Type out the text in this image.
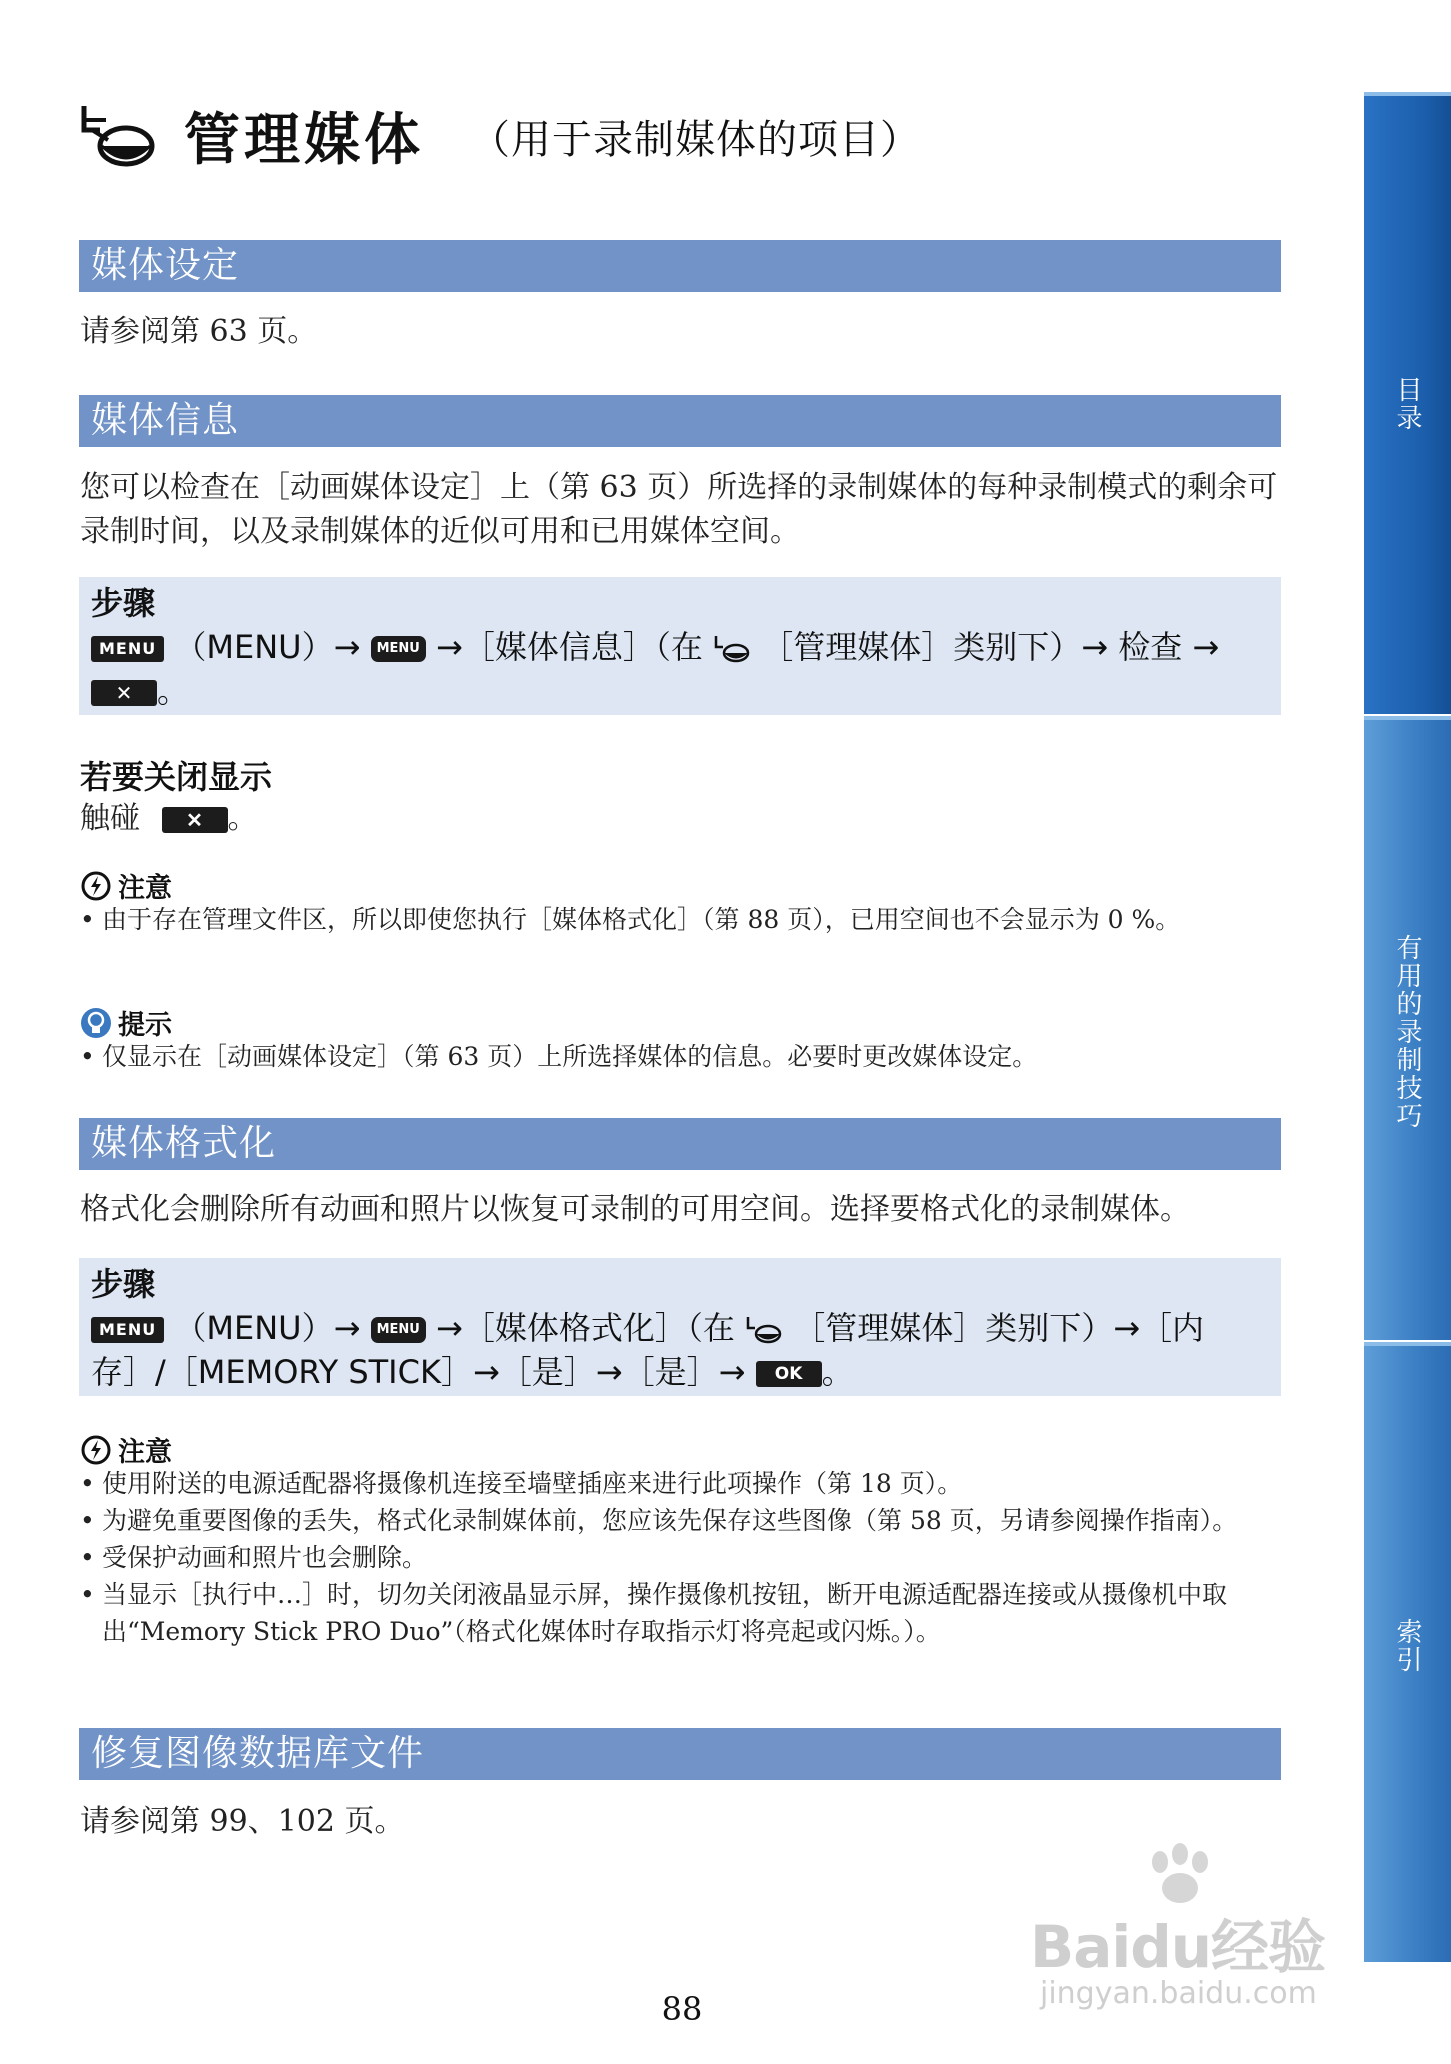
管理媒体 （用于录制媒体的项目）
媒体设定
请参阅第 63 页。
媒体信息
您可以检查在［动画媒体设定］上（第 63 页）所选择的录制媒体的每种录制模式的剩余可录制时间，以及录制媒体的近似可用和已用媒体空间。
步骤
MENU （MENU）→ MENU →［媒体信息］（在 ［管理媒体］类别下）→ 检查 →
✕ 。
若要关闭显示
触碰 ✕ 。
注意
• 由于存在管理文件区，所以即使您执行［媒体格式化］（第 88 页），已用空间也不会显示为 0 %。
提示
• 仅显示在［动画媒体设定］（第 63 页）上所选择媒体的信息。必要时更改媒体设定。
媒体格式化
格式化会删除所有动画和照片以恢复可录制的可用空间。选择要格式化的录制媒体。
步骤
MENU （MENU）→ MENU →［媒体格式化］（在 ［管理媒体］类别下）→［内存］/［MEMORY STICK］→［是］→［是］→ OK 。
注意
• 使用附送的电源适配器将摄像机连接至墙壁插座来进行此项操作（第 18 页）。
• 为避免重要图像的丢失，格式化录制媒体前，您应该先保存这些图像（第 58 页，另请参阅操作指南）。
• 受保护动画和照片也会删除。
• 当显示［执行中…］时，切勿关闭液晶显示屏，操作摄像机按钮，断开电源适配器连接或从摄像机中取出“Memory Stick PRO Duo”（格式化媒体时存取指示灯将亮起或闪烁。）。
修复图像数据库文件
请参阅第 99、102 页。
目录
有用的录制技巧
索引
88
Baidu经验
jingyan.baidu.com
